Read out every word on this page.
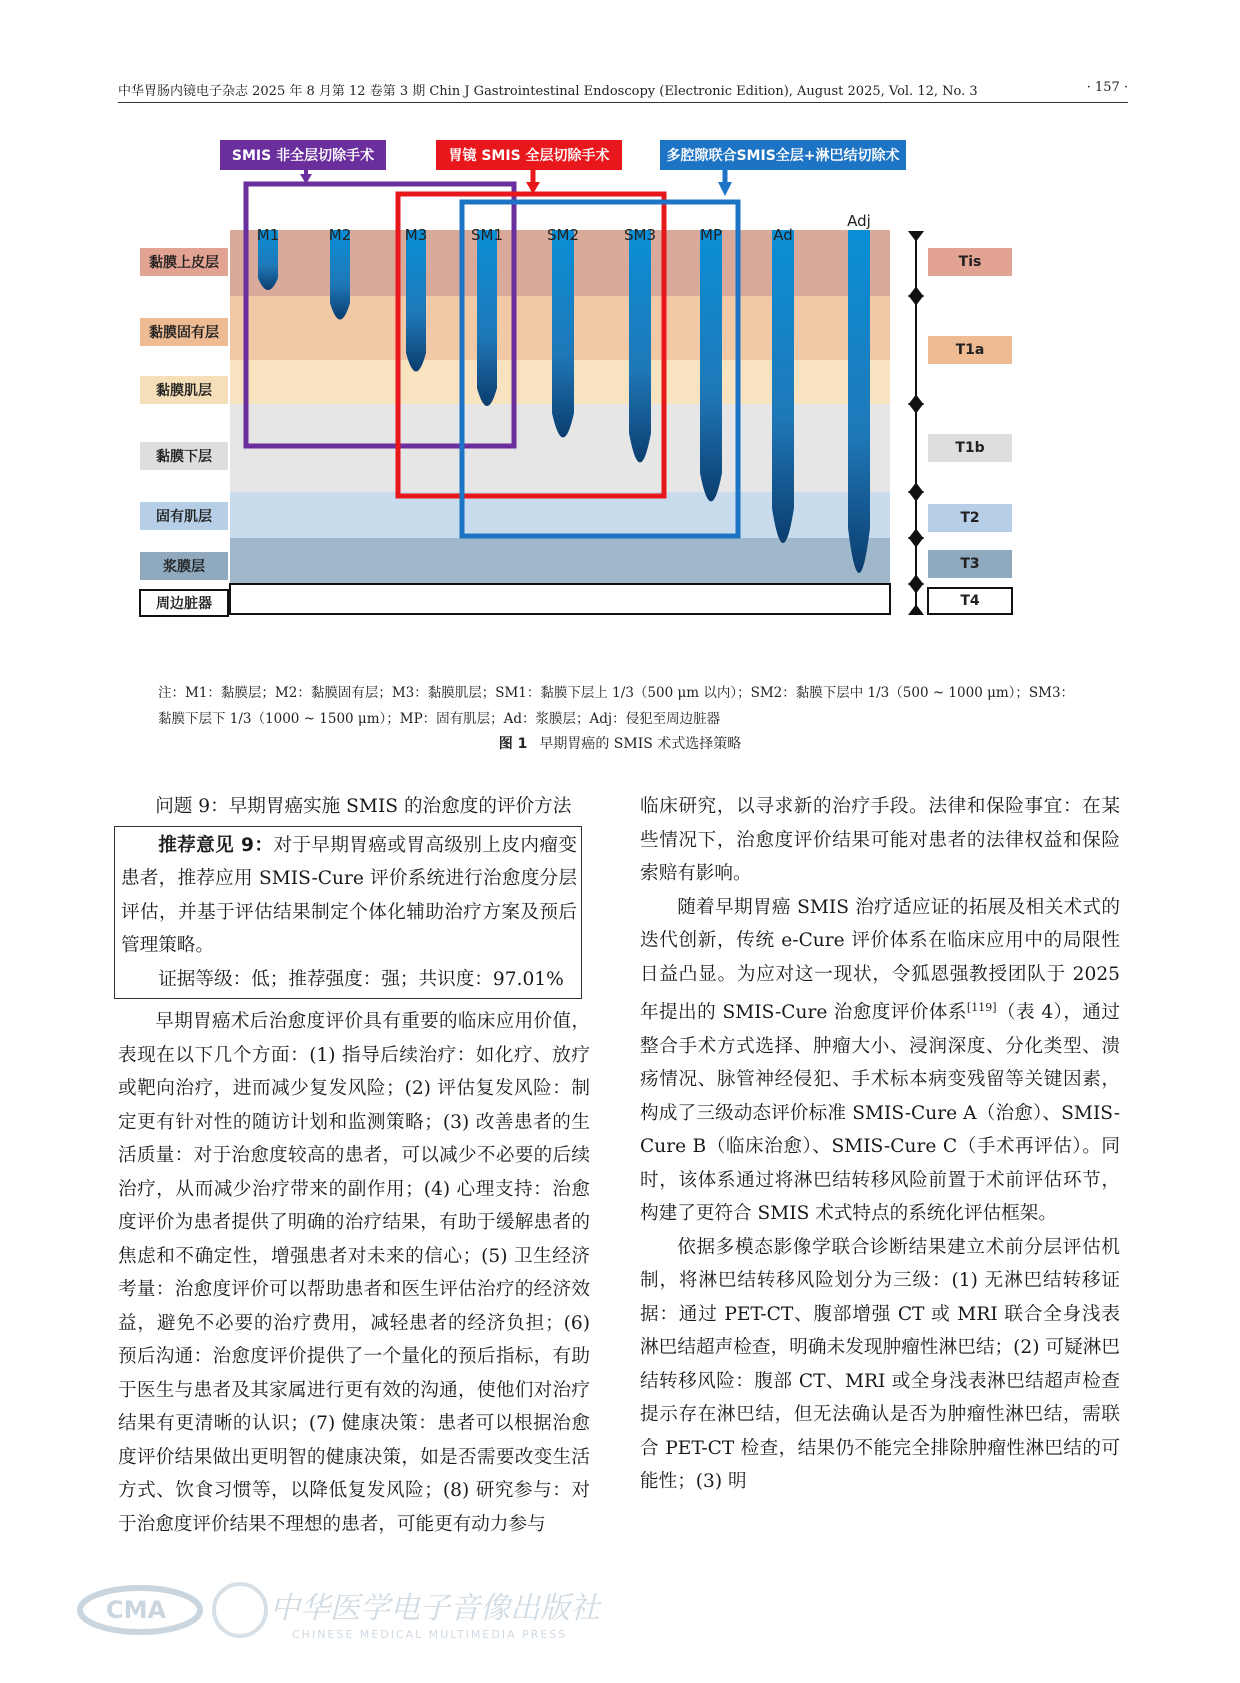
中华胃肠内镜电子杂志 2025 年 8 月第 12 卷第 3 期 Chin J Gastrointestinal Endoscopy (Electronic Edition), August 2025, Vol. 12, No. 3	· 157 ·
SMIS 非全层切除手术	胃镜 SMIS 全层切除手术	多腔隙联合SMIS全层+淋巴结切除术
M1	M2	M3	SM1	SM2	SM3	MP	Ad
Adj
黏膜上皮层
黏膜固有层
黏膜肌层
黏膜下层
固有肌层
浆膜层
周边脏器
Tis
T1a
T1b
T2
T3
T4
注：M1：黏膜层；M2：黏膜固有层；M3：黏膜肌层；SM1：黏膜下层上 1/3（500 μm 以内）；SM2：黏膜下层中 1/3（500 ~ 1000 μm）；SM3：
黏膜下层下 1/3（1000 ~ 1500 μm）；MP：固有肌层；Ad：浆膜层；Adj：侵犯至周边脏器
图 1 早期胃癌的 SMIS 术式选择策略

问题 9：早期胃癌实施 SMIS 的治愈度的评价方法

推荐意见 9：对于早期胃癌或胃高级别上皮内瘤变患者，推荐应用 SMIS-Cure 评价系统进行治愈度分层评估，并基于评估结果制定个体化辅助治疗方案及预后管理策略。

证据等级：低；推荐强度：强；共识度：97.01%

早期胃癌术后治愈度评价具有重要的临床应用价值，表现在以下几个方面：(1) 指导后续治疗：如化疗、放疗或靶向治疗，进而减少复发风险；(2) 评估复发风险：制定更有针对性的随访计划和监测策略；(3) 改善患者的生活质量：对于治愈度较高的患者，可以减少不必要的后续治疗，从而减少治疗带来的副作用；(4) 心理支持：治愈度评价为患者提供了明确的治疗结果，有助于缓解患者的焦虑和不确定性，增强患者对未来的信心；(5) 卫生经济考量：治愈度评价可以帮助患者和医生评估治疗的经济效益，避免不必要的治疗费用，减轻患者的经济负担；(6) 预后沟通：治愈度评价提供了一个量化的预后指标，有助于医生与患者及其家属进行更有效的沟通，使他们对治疗结果有更清晰的认识；(7) 健康决策：患者可以根据治愈度评价结果做出更明智的健康决策，如是否需要改变生活方式、饮食习惯等，以降低复发风险；(8) 研究参与：对于治愈度评价结果不理想的患者，可能更有动力参与

临床研究，以寻求新的治疗手段。法律和保险事宜：在某些情况下，治愈度评价结果可能对患者的法律权益和保险索赔有影响。

随着早期胃癌 SMIS 治疗适应证的拓展及相关术式的迭代创新，传统 e-Cure 评价体系在临床应用中的局限性日益凸显。为应对这一现状，令狐恩强教授团队于 2025 年提出的 SMIS-Cure 治愈度评价体系[119]（表 4），通过整合手术方式选择、肿瘤大小、浸润深度、分化类型、溃疡情况、脉管神经侵犯、手术标本病变残留等关键因素，构成了三级动态评价标准 SMIS-Cure A（治愈）、SMIS-Cure B（临床治愈）、SMIS-Cure C（手术再评估）。同时，该体系通过将淋巴结转移风险前置于术前评估环节，构建了更符合 SMIS 术式特点的系统化评估框架。

依据多模态影像学联合诊断结果建立术前分层评估机制，将淋巴结转移风险划分为三级：(1) 无淋巴结转移证据：通过 PET-CT、腹部增强 CT 或 MRI 联合全身浅表淋巴结超声检查，明确未发现肿瘤性淋巴结；(2) 可疑淋巴结转移风险：腹部 CT、MRI 或全身浅表淋巴结超声检查提示存在淋巴结，但无法确认是否为肿瘤性淋巴结，需联合 PET-CT 检查，结果仍不能完全排除肿瘤性淋巴结的可能性；(3) 明

CMA	中华医学电子音像出版社
CHINESE MEDICAL MULTIMEDIA PRESS
